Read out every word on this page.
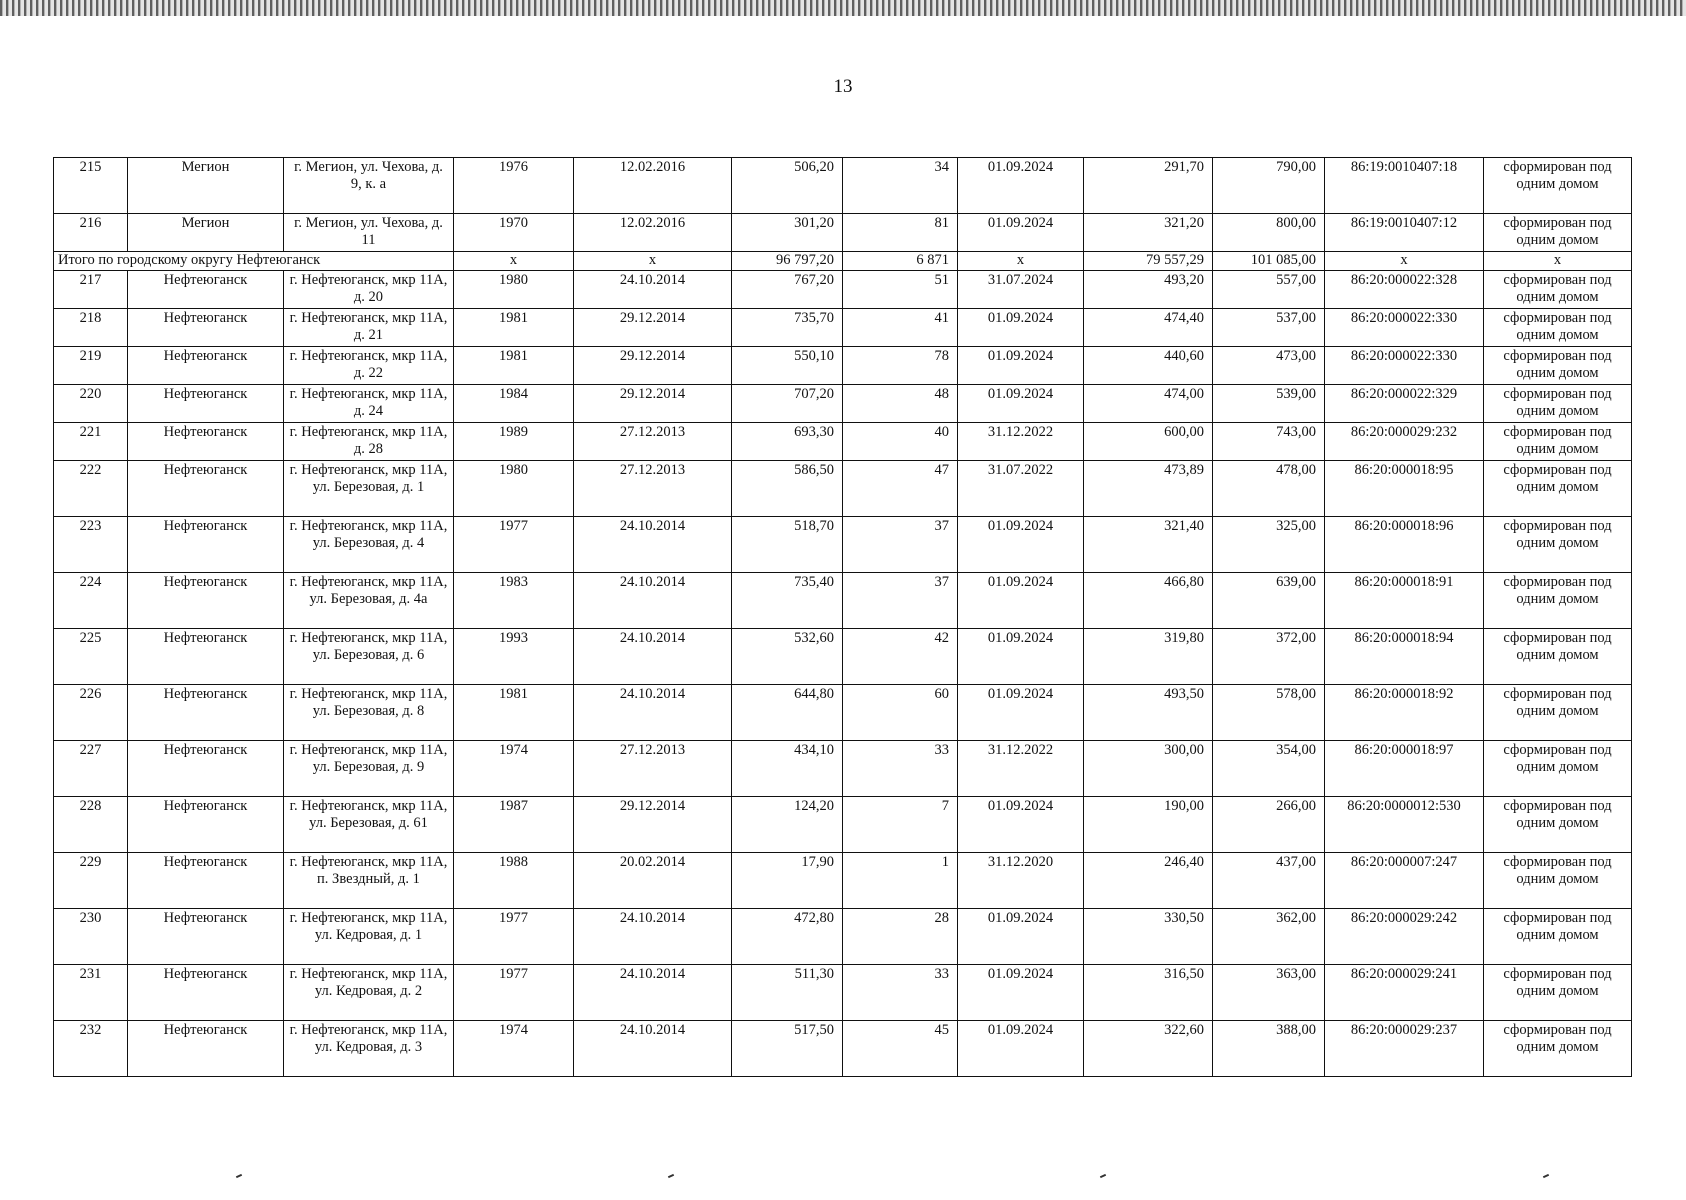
13
215	Мегион	г. Мегион, ул. Чехова, д. 9, к. а	1976	12.02.2016	506,20	34	01.09.2024	291,70	790,00	86:19:0010407:18	сформирован под одним домом
216	Мегион	г. Мегион, ул. Чехова, д. 11	1970	12.02.2016	301,20	81	01.09.2024	321,20	800,00	86:19:0010407:12	сформирован под одним домом
Итого по городскому округу Нефтеюганск			х	х	96 797,20	6 871	х	79 557,29	101 085,00	х	х
217	Нефтеюганск	г. Нефтеюганск, мкр 11А, д. 20	1980	24.10.2014	767,20	51	31.07.2024	493,20	557,00	86:20:000022:328	сформирован под одним домом
218	Нефтеюганск	г. Нефтеюганск, мкр 11А, д. 21	1981	29.12.2014	735,70	41	01.09.2024	474,40	537,00	86:20:000022:330	сформирован под одним домом
219	Нефтеюганск	г. Нефтеюганск, мкр 11А, д. 22	1981	29.12.2014	550,10	78	01.09.2024	440,60	473,00	86:20:000022:330	сформирован под одним домом
220	Нефтеюганск	г. Нефтеюганск, мкр 11А, д. 24	1984	29.12.2014	707,20	48	01.09.2024	474,00	539,00	86:20:000022:329	сформирован под одним домом
221	Нефтеюганск	г. Нефтеюганск, мкр 11А, д. 28	1989	27.12.2013	693,30	40	31.12.2022	600,00	743,00	86:20:000029:232	сформирован под одним домом
222	Нефтеюганск	г. Нефтеюганск, мкр 11А, ул. Березовая, д. 1	1980	27.12.2013	586,50	47	31.07.2022	473,89	478,00	86:20:000018:95	сформирован под одним домом
223	Нефтеюганск	г. Нефтеюганск, мкр 11А, ул. Березовая, д. 4	1977	24.10.2014	518,70	37	01.09.2024	321,40	325,00	86:20:000018:96	сформирован под одним домом
224	Нефтеюганск	г. Нефтеюганск, мкр 11А, ул. Березовая, д. 4а	1983	24.10.2014	735,40	37	01.09.2024	466,80	639,00	86:20:000018:91	сформирован под одним домом
225	Нефтеюганск	г. Нефтеюганск, мкр 11А, ул. Березовая, д. 6	1993	24.10.2014	532,60	42	01.09.2024	319,80	372,00	86:20:000018:94	сформирован под одним домом
226	Нефтеюганск	г. Нефтеюганск, мкр 11А, ул. Березовая, д. 8	1981	24.10.2014	644,80	60	01.09.2024	493,50	578,00	86:20:000018:92	сформирован под одним домом
227	Нефтеюганск	г. Нефтеюганск, мкр 11А, ул. Березовая, д. 9	1974	27.12.2013	434,10	33	31.12.2022	300,00	354,00	86:20:000018:97	сформирован под одним домом
228	Нефтеюганск	г. Нефтеюганск, мкр 11А, ул. Березовая, д. 61	1987	29.12.2014	124,20	7	01.09.2024	190,00	266,00	86:20:0000012:530	сформирован под одним домом
229	Нефтеюганск	г. Нефтеюганск, мкр 11А, п. Звездный, д. 1	1988	20.02.2014	17,90	1	31.12.2020	246,40	437,00	86:20:000007:247	сформирован под одним домом
230	Нефтеюганск	г. Нефтеюганск, мкр 11А, ул. Кедровая, д. 1	1977	24.10.2014	472,80	28	01.09.2024	330,50	362,00	86:20:000029:242	сформирован под одним домом
231	Нефтеюганск	г. Нефтеюганск, мкр 11А, ул. Кедровая, д. 2	1977	24.10.2014	511,30	33	01.09.2024	316,50	363,00	86:20:000029:241	сформирован под одним домом
232	Нефтеюганск	г. Нефтеюганск, мкр 11А, ул. Кедровая, д. 3	1974	24.10.2014	517,50	45	01.09.2024	322,60	388,00	86:20:000029:237	сформирован под одним домом
